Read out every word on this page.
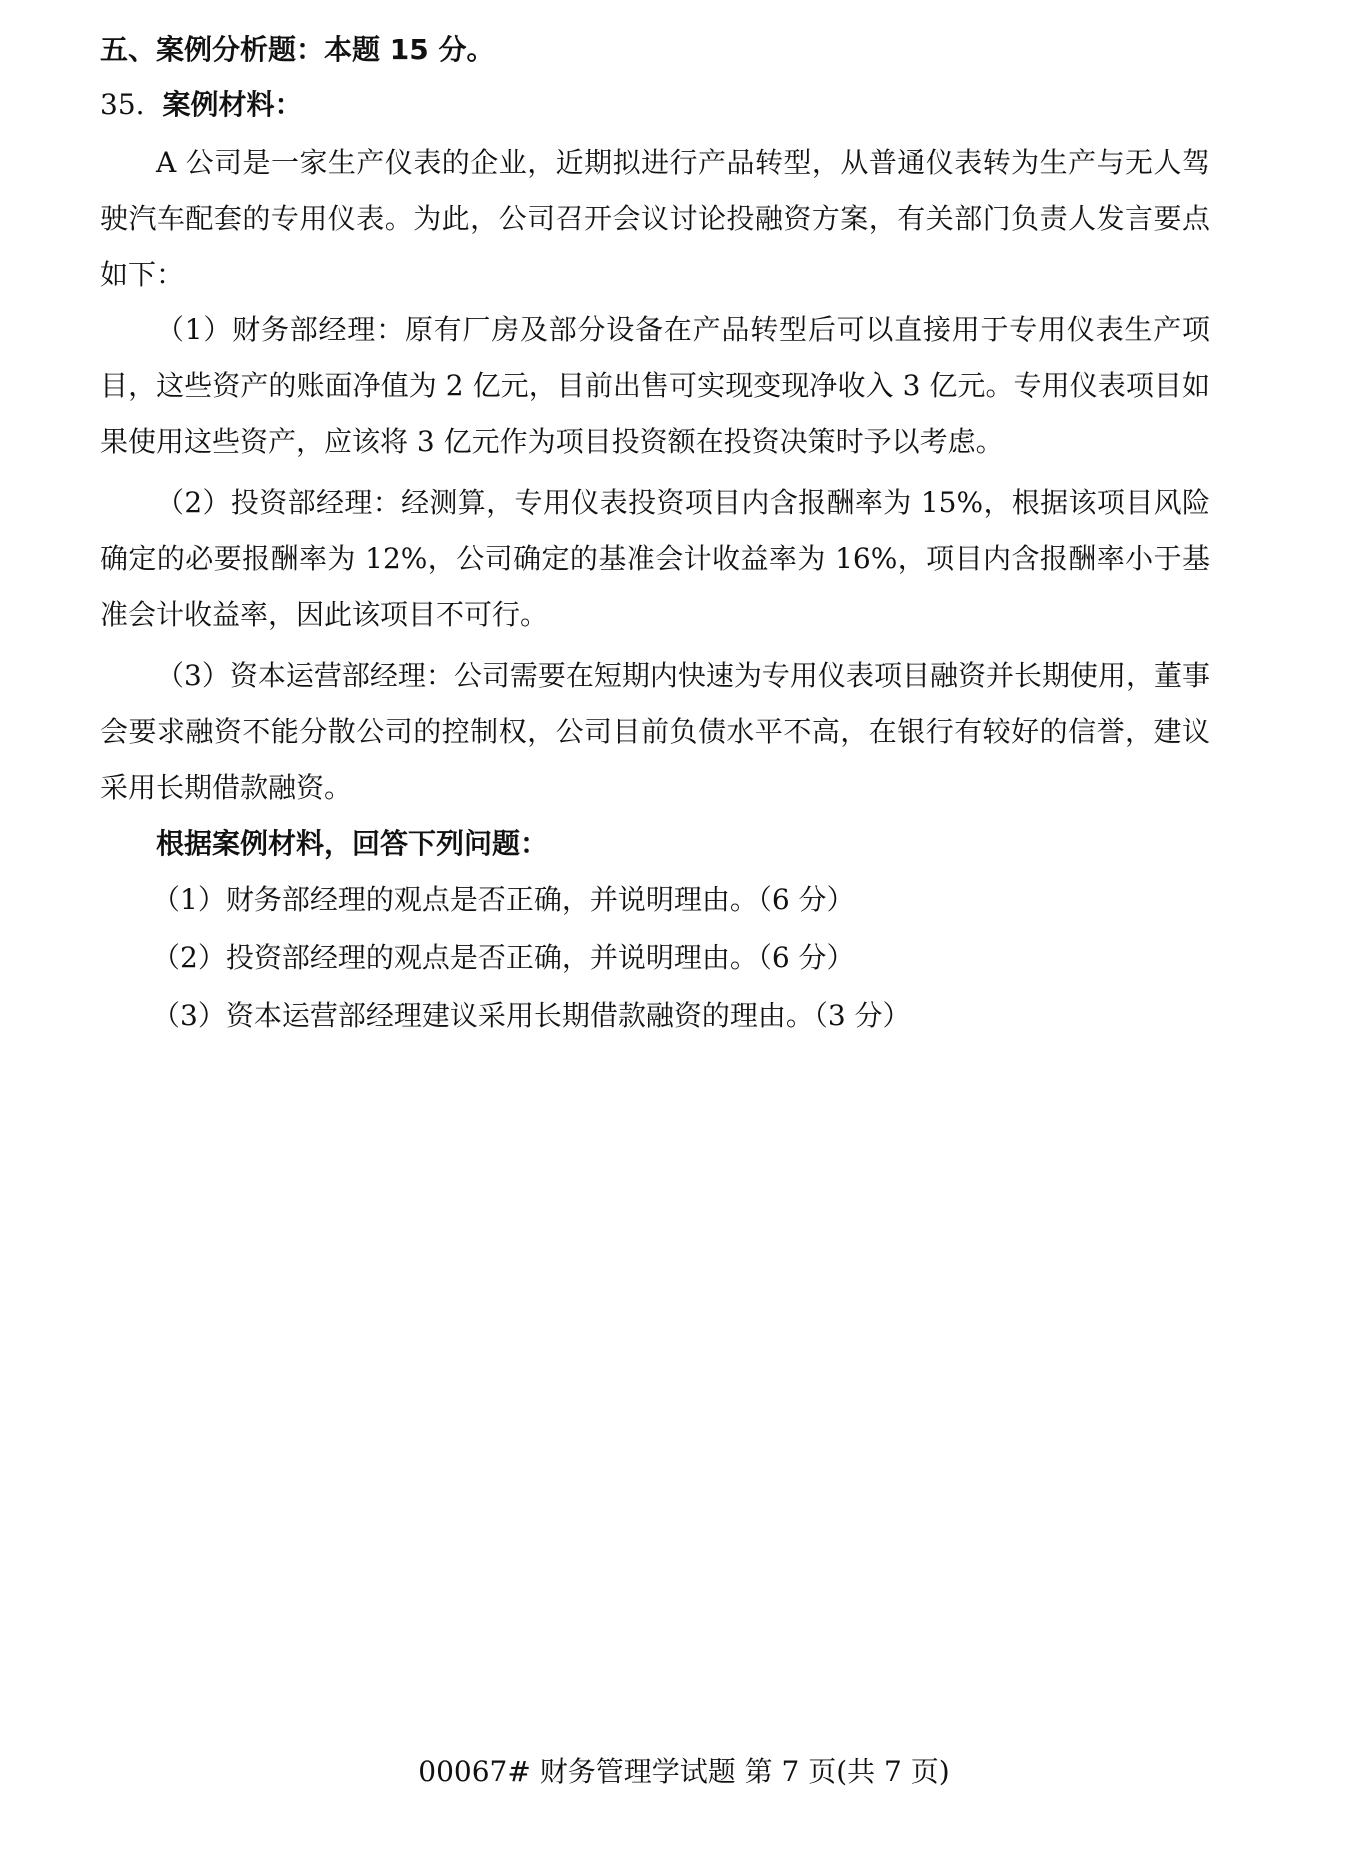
五、案例分析题：本题 15 分。
35. 案例材料：

A 公司是一家生产仪表的企业，近期拟进行产品转型，从普通仪表转为生产与无人驾驶汽车配套的专用仪表。为此，公司召开会议讨论投融资方案，有关部门负责人发言要点如下：

（1）财务部经理：原有厂房及部分设备在产品转型后可以直接用于专用仪表生产项目，这些资产的账面净值为 2 亿元，目前出售可实现变现净收入 3 亿元。专用仪表项目如果使用这些资产，应该将 3 亿元作为项目投资额在投资决策时予以考虑。

（2）投资部经理：经测算，专用仪表投资项目内含报酬率为 15%，根据该项目风险确定的必要报酬率为 12%，公司确定的基准会计收益率为 16%，项目内含报酬率小于基准会计收益率，因此该项目不可行。

（3）资本运营部经理：公司需要在短期内快速为专用仪表项目融资并长期使用，董事会要求融资不能分散公司的控制权，公司目前负债水平不高，在银行有较好的信誉，建议采用长期借款融资。

根据案例材料，回答下列问题：
（1）财务部经理的观点是否正确，并说明理由。（6 分）
（2）投资部经理的观点是否正确，并说明理由。（6 分）
（3）资本运营部经理建议采用长期借款融资的理由。（3 分）
00067# 财务管理学试题 第 7 页(共 7 页)
